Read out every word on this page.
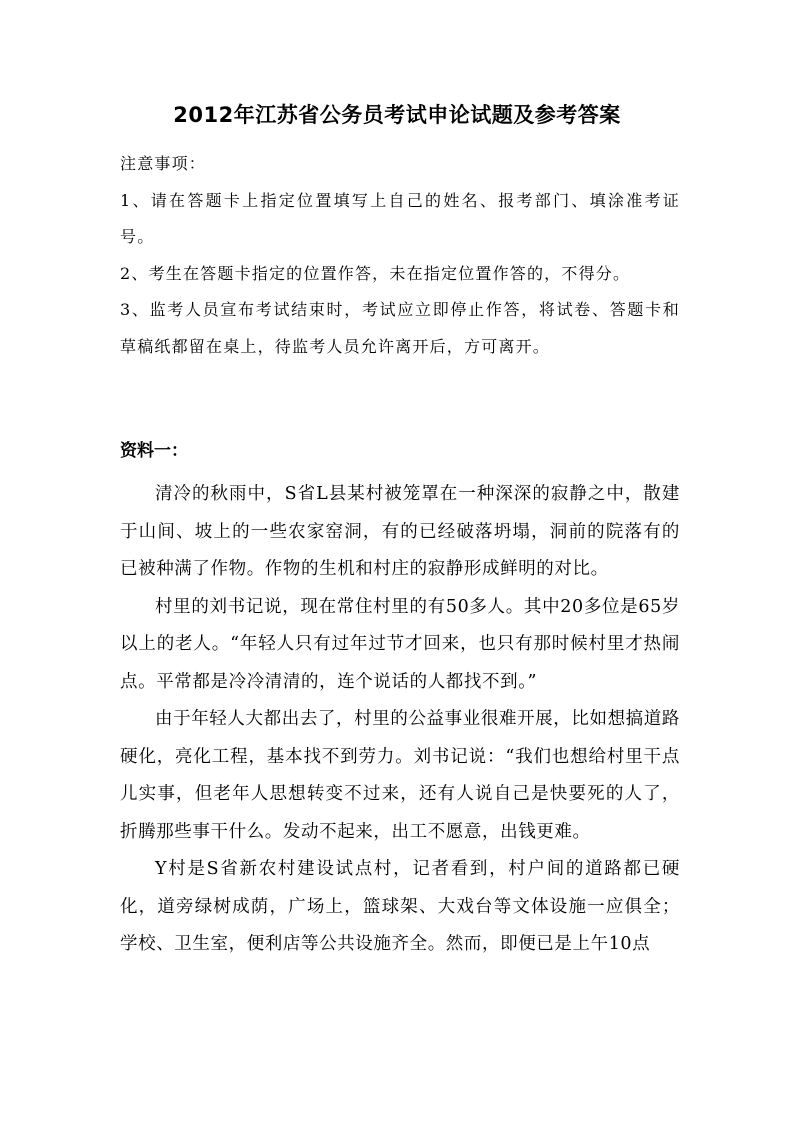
2012年江苏省公务员考试申论试题及参考答案

注意事项：

1、请在答题卡上指定位置填写上自己的姓名、报考部门、填涂准考证号。

2、考生在答题卡指定的位置作答，未在指定位置作答的，不得分。

3、监考人员宣布考试结束时，考试应立即停止作答，将试卷、答题卡和草稿纸都留在桌上，待监考人员允许离开后，方可离开。

资料一：

清冷的秋雨中，S省L县某村被笼罩在一种深深的寂静之中，散建于山间、坡上的一些农家窑洞，有的已经破落坍塌，洞前的院落有的已被种满了作物。作物的生机和村庄的寂静形成鲜明的对比。

村里的刘书记说，现在常住村里的有50多人。其中20多位是65岁以上的老人。“年轻人只有过年过节才回来，也只有那时候村里才热闹点。平常都是冷冷清清的，连个说话的人都找不到。”

由于年轻人大都出去了，村里的公益事业很难开展，比如想搞道路硬化，亮化工程，基本找不到劳力。刘书记说：“我们也想给村里干点儿实事，但老年人思想转变不过来，还有人说自己是快要死的人了，折腾那些事干什么。发动不起来，出工不愿意，出钱更难。

Y村是S省新农村建设试点村，记者看到，村户间的道路都已硬化，道旁绿树成荫，广场上，篮球架、大戏台等文体设施一应俱全；学校、卫生室，便利店等公共设施齐全。然而，即便已是上午10点
